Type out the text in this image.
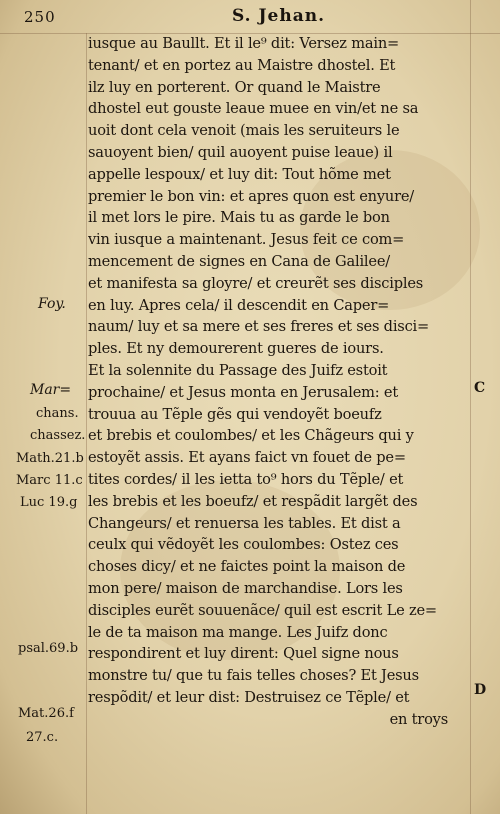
250	S. Jehan.
iusque au Baullt. Et il le⁹ dit: Versez main=
tenant/ et en portez au Maistre dhostel. Et
ilz luy en porterent. Or quand le Maistre
dhostel eut gouste leaue muee en vin/et ne sa
uoit dont cela venoit (mais les seruiteurs le
sauoyent bien/ quil auoyent puise leaue) il
appelle lespoux/ et luy dit: Tout hõme met
premier le bon vin: et apres quon est enyure/
il met lors le pire. Mais tu as garde le bon
vin iusque a maintenant. Jesus feit ce com=
mencement de signes en Cana de Galilee/
et manifesta sa gloyre/ et creurẽt ses disciples
en luy. Apres cela/ il descendit en Caper=
naum/ luy et sa mere et ses freres et ses disci=
ples. Et ny demourerent gueres de iours.
Et la solennite du Passage des Juifz estoit
prochaine/ et Jesus monta en Jerusalem: et
trouua au Tẽple gẽs qui vendoyẽt boeufz
et brebis et coulombes/ et les Chãgeurs qui y
estoyẽt assis. Et ayans faict vn fouet de pe=
tites cordes/ il les ietta to⁹ hors du Tẽple/ et
les brebis et les boeufz/ et respãdit largẽt des
Changeurs/ et renuersa les tables. Et dist a
ceulx qui vẽdoyẽt les coulombes: Ostez ces
choses dicy/ et ne faictes point la maison de
mon pere/ maison de marchandise. Lors les
disciples eurẽt souuenãce/ quil est escrit Le ze=
le de ta maison ma mange. Les Juifz donc
respondirent et luy dirent: Quel signe nous
monstre tu/ que tu fais telles choses? Et Jesus
respõdit/ et leur dist: Destruisez ce Tẽple/ et
en troys
Foy.
Mar=
chans.
chassez.
Math.21.b
Marc 11.c
Luc 19.g
psal.69.b
Mat.26.f
27.c.
C
D
